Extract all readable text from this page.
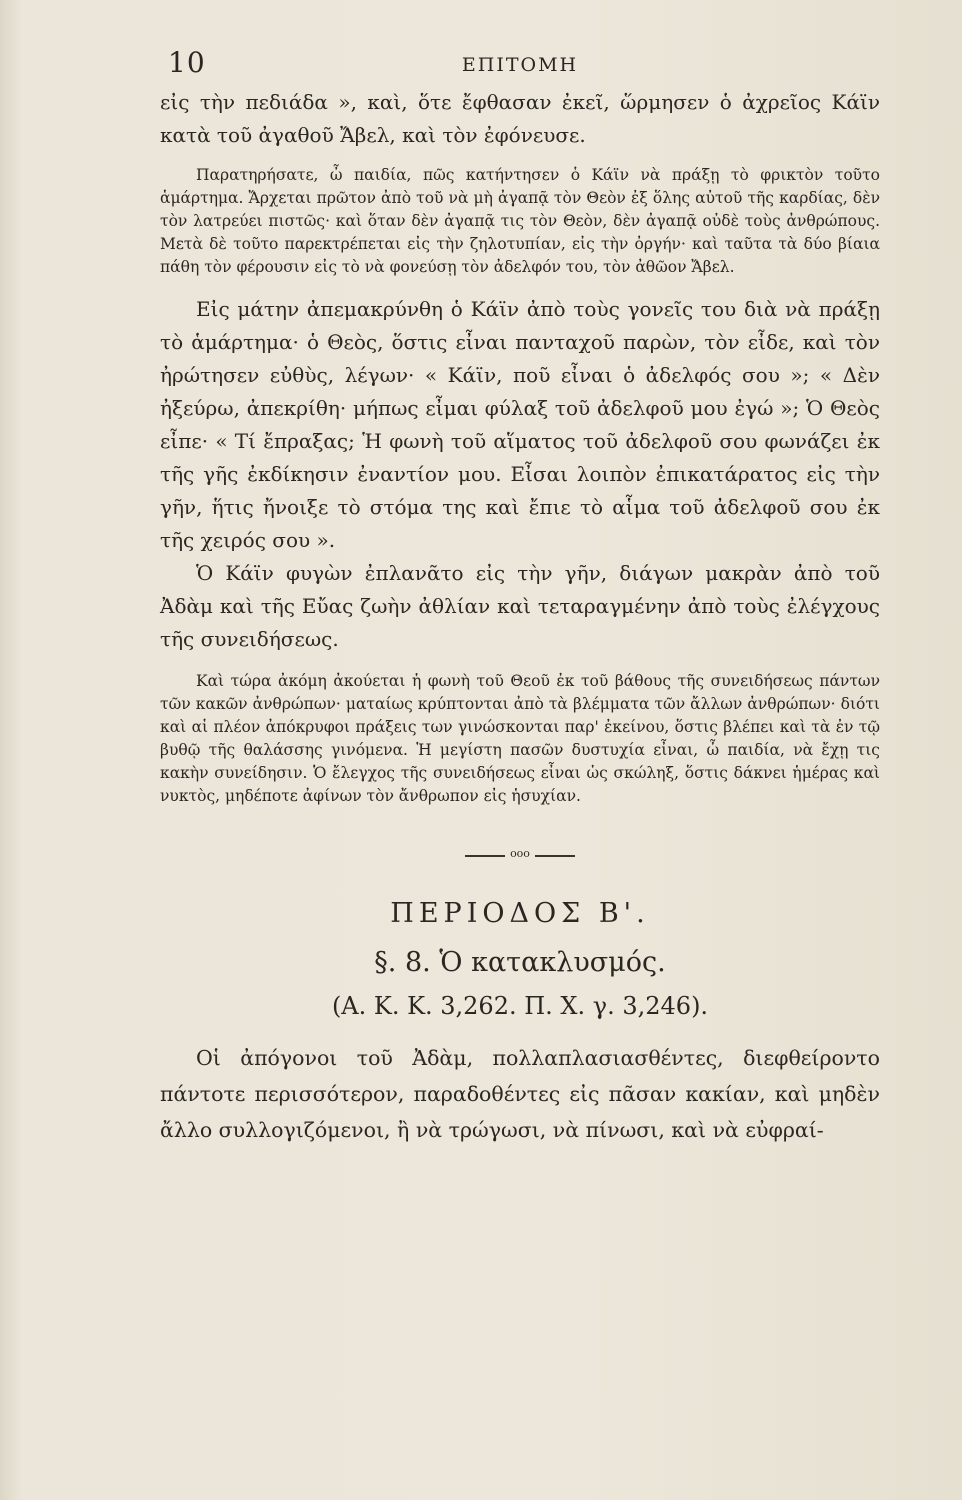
10	ΕΠΙΤΟΜΗ

εἰς τὴν πεδιάδα », καὶ, ὅτε ἔφθασαν ἐκεῖ, ὥρμησεν ὁ ἀχρεῖος Κάϊν κατὰ τοῦ ἀγαθοῦ Ἄβελ, καὶ τὸν ἐφόνευσε.

Παρατηρήσατε, ὦ παιδία, πῶς κατήντησεν ὁ Κάϊν νὰ πράξῃ τὸ φρικτὸν τοῦτο ἁμάρτημα. Ἄρχεται πρῶτον ἀπὸ τοῦ νὰ μὴ ἀγαπᾷ τὸν Θεὸν ἐξ ὅλης αὐτοῦ τῆς καρδίας, δὲν τὸν λατρεύει πιστῶς· καὶ ὅταν δὲν ἀγαπᾷ τις τὸν Θεὸν, δὲν ἀγαπᾷ οὐδὲ τοὺς ἀνθρώπους. Μετὰ δὲ τοῦτο παρεκτρέπεται εἰς τὴν ζηλοτυπίαν, εἰς τὴν ὀργήν· καὶ ταῦτα τὰ δύο βίαια πάθη τὸν φέρουσιν εἰς τὸ νὰ φονεύσῃ τὸν ἀδελφόν του, τὸν ἀθῶον Ἄβελ.

Εἰς μάτην ἀπεμακρύνθη ὁ Κάϊν ἀπὸ τοὺς γονεῖς του διὰ νὰ πράξῃ τὸ ἁμάρτημα· ὁ Θεὸς, ὅστις εἶναι πανταχοῦ παρὼν, τὸν εἶδε, καὶ τὸν ἠρώτησεν εὐθὺς, λέγων· « Κάϊν, ποῦ εἶναι ὁ ἀδελφός σου »; « Δὲν ἠξεύρω, ἀπεκρίθη· μήπως εἶμαι φύλαξ τοῦ ἀδελφοῦ μου ἐγώ »; Ὁ Θεὸς εἶπε· « Τί ἔπραξας; Ἡ φωνὴ τοῦ αἵματος τοῦ ἀδελφοῦ σου φωνάζει ἐκ τῆς γῆς ἐκδίκησιν ἐναντίον μου. Εἶσαι λοιπὸν ἐπικατάρατος εἰς τὴν γῆν, ἥτις ἤνοιξε τὸ στόμα της καὶ ἔπιε τὸ αἷμα τοῦ ἀδελφοῦ σου ἐκ τῆς χειρός σου ».

Ὁ Κάϊν φυγὼν ἐπλανᾶτο εἰς τὴν γῆν, διάγων μακρὰν ἀπὸ τοῦ Ἀδὰμ καὶ τῆς Εὔας ζωὴν ἀθλίαν καὶ τεταραγμένην ἀπὸ τοὺς ἐλέγχους τῆς συνειδήσεως.

Καὶ τώρα ἀκόμη ἀκούεται ἡ φωνὴ τοῦ Θεοῦ ἐκ τοῦ βάθους τῆς συνειδήσεως πάντων τῶν κακῶν ἀνθρώπων· ματαίως κρύπτονται ἀπὸ τὰ βλέμματα τῶν ἄλλων ἀνθρώπων· διότι καὶ αἱ πλέον ἀπόκρυφοι πράξεις των γινώσκονται παρ' ἐκείνου, ὅστις βλέπει καὶ τὰ ἐν τῷ βυθῷ τῆς θαλάσσης γινόμενα. Ἡ μεγίστη πασῶν δυστυχία εἶναι, ὦ παιδία, νὰ ἔχῃ τις κακὴν συνείδησιν. Ὁ ἔλεγχος τῆς συνειδήσεως εἶναι ὡς σκώληξ, ὅστις δάκνει ἡμέρας καὶ νυκτὸς, μηδέποτε ἀφίνων τὸν ἄνθρωπον εἰς ἡσυχίαν.

ooo
ΠΕΡΙΟΔΟΣ Β'.
§. 8. Ὁ κατακλυσμός.
(Α. Κ. Κ. 3,262. Π. Χ. γ. 3,246).

Οἱ ἀπόγονοι τοῦ Ἀδὰμ, πολλαπλασιασθέντες, διεφθείροντο πάντοτε περισσότερον, παραδοθέντες εἰς πᾶσαν κακίαν, καὶ μηδὲν ἄλλο συλλογιζόμενοι, ἢ νὰ τρώγωσι, νὰ πίνωσι, καὶ νὰ εὐφραί-
